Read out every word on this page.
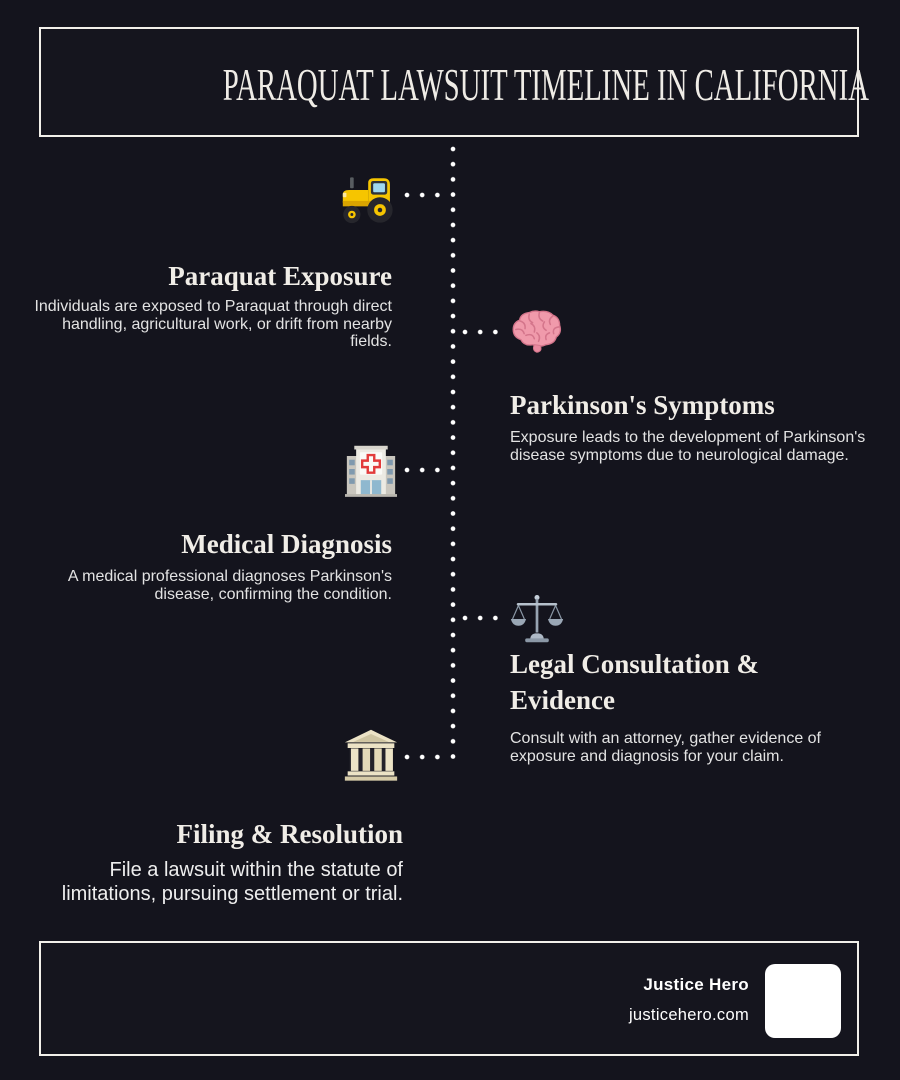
PARAQUAT LAWSUIT TIMELINE IN CALIFORNIA
Paraquat Exposure
Individuals are exposed to Paraquat through direct handling, agricultural work, or drift from nearby fields.
Parkinson's Symptoms
Exposure leads to the development of Parkinson's disease symptoms due to neurological damage.
Medical Diagnosis
A medical professional diagnoses Parkinson's disease, confirming the condition.
Legal Consultation & Evidence
Consult with an attorney, gather evidence of exposure and diagnosis for your claim.
Filing & Resolution
File a lawsuit within the statute of limitations, pursuing settlement or trial.
Justice Hero
justicehero.com
